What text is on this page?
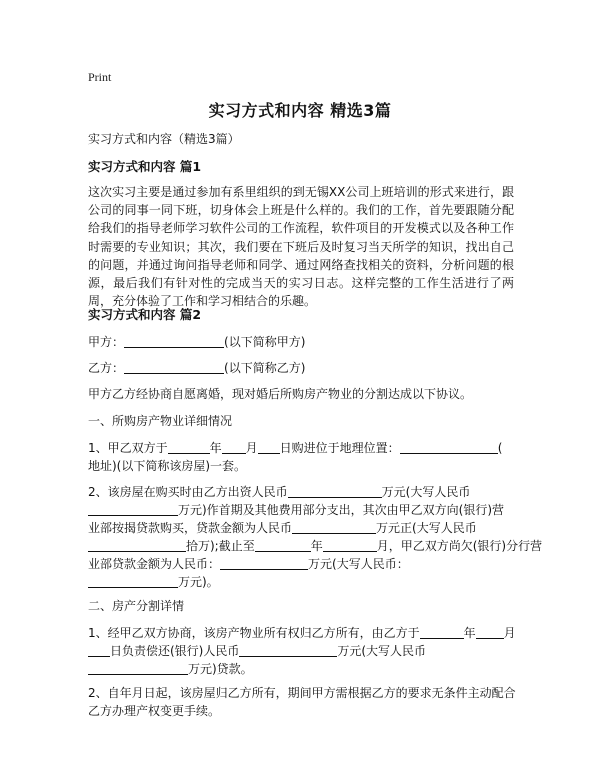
Print
实习方式和内容 精选3篇
实习方式和内容（精选3篇）
实习方式和内容 篇1
这次实习主要是通过参加有系里组织的到无锡XX公司上班培训的形式来进行，跟公司的同事一同下班，切身体会上班是什么样的。我们的工作，首先要跟随分配给我们的指导老师学习软件公司的工作流程，软件项目的开发模式以及各种工作时需要的专业知识；其次，我们要在下班后及时复习当天所学的知识，找出自己的问题，并通过询问指导老师和同学、通过网络查找相关的资料，分析问题的根源，最后我们有针对性的完成当天的实习日志。这样完整的工作生活进行了两周，充分体验了工作和学习相结合的乐趣。
实习方式和内容 篇2
甲方：	(以下简称甲方)
乙方：	(以下简称乙方)
甲方乙方经协商自愿离婚，现对婚后所购房产物业的分割达成以下协议。
一、所购房产物业详细情况
1、甲乙双方于	年 月 日购进位于地理位置：	(
地址)(以下简称该房屋)一套。
2、该房屋在购买时由乙方出资人民币	万元(大写人民币
万元)作首期及其他费用部分支出，其次由甲乙双方向(银行)营
业部按揭贷款购买，贷款金额为人民币	万元正(大写人民币
拾万);截止至	年	月，甲乙双方尚欠(银行)分行营
业部贷款金额为人民币：	万元(大写人民币：
万元)。
二、房产分割详情
1、经甲乙双方协商，该房产物业所有权归乙方所有，由乙方于	年 月
日负责偿还(银行)人民币	万元(大写人民币
万元)贷款。
2、自年月日起，该房屋归乙方所有，期间甲方需根据乙方的要求无条件主动配合
乙方办理产权变更手续。
